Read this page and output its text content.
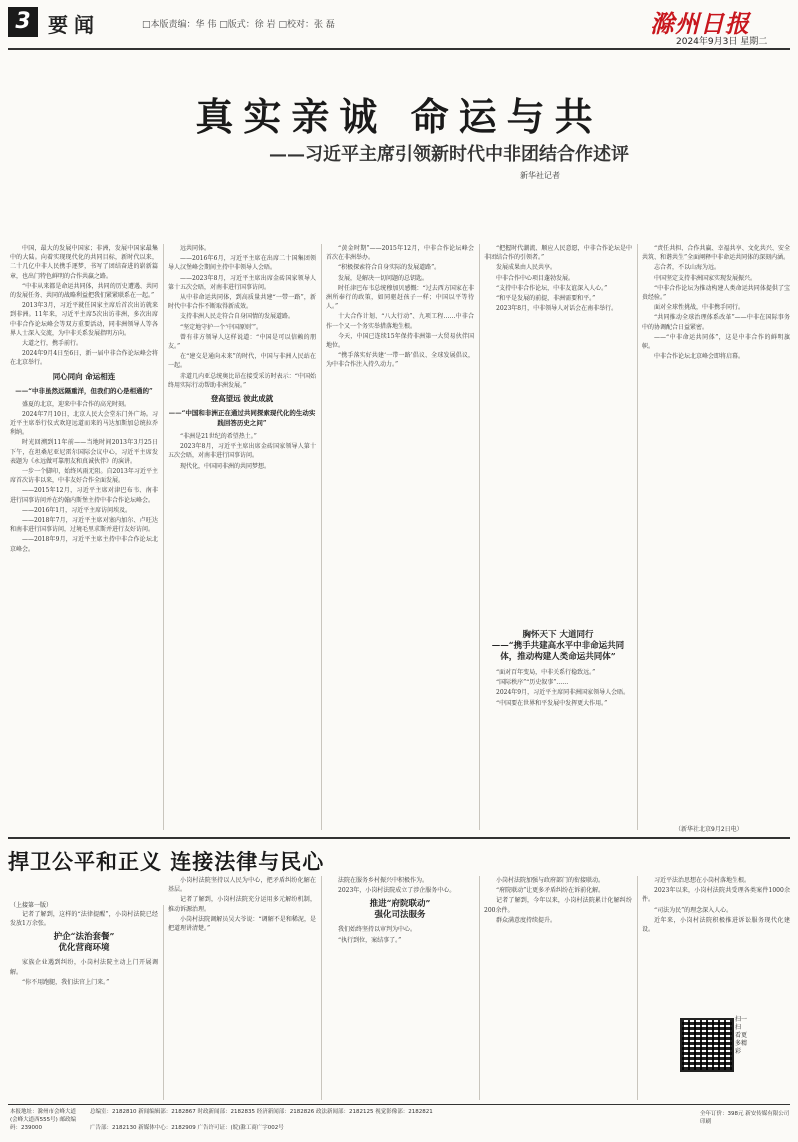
3 要闻	□本版责编：华 伟 □版式：徐 岩 □校对：张 磊	滁州日报
2024年9月3日 星期二
真实亲诚 命运与共
——习近平主席引领新时代中非团结合作述评
新华社记者

中国，最大的发展中国家；非洲，发展中国家最集中的大陆。向着实现现代化的共同目标，新时代以来，二十几亿中非人民携手逐梦，书写了团结奋进的崭新篇章，也出门特色鲜明的合作共赢之路。

“中非从来都是命运共同体，共同的历史遭遇、共同的发展任务、共同的战略利益把我们紧紧联系在一起。”

2013年3月，习近平就任国家主席后首次出访就来到非洲。11年来，习近平主席5次出访非洲，多次出席中非合作论坛峰会等双方重要活动，同非洲领导人等各界人士深入交流，为中非关系发展指明方向。

大道之行，携手前行。

2024年9月4日至6日，新一届中非合作论坛峰会将在北京举行。

同心同向 命运相连
——“中非虽然远隔重洋，但我们的心是相通的”

盛夏的北京，迎来中非合作的高光时刻。

2024年7月10日，北京人民大会堂东门外广场。习近平主席举行仪式欢迎远道而来的马达加斯加总统拉乔利纳。

时光回溯到11年前——当地时间2013年3月25日下午，在坦桑尼亚尼雷尔国际会议中心，习近平主席发表题为《永远做可靠朋友和真诚伙伴》的演讲。

一步一个脚印，始终风雨无阻。自2013年习近平主席首次访非以来，中非友好合作全面发展。

——2015年12月，习近平主席对津巴布韦、南非进行国事访问并在约翰内斯堡主持中非合作论坛峰会。

——2016年1月，习近平主席访问埃及。

——2018年7月，习近平主席对塞内加尔、卢旺达和南非进行国事访问，过境毛里求斯并进行友好访问。

——2018年9月，习近平主席主持中非合作论坛北京峰会。

远共同体。

——2016年6月，习近平主席在出席二十国集团领导人汉堡峰会期间主持中非领导人会晤。

——2023年8月，习近平主席出席金砖国家领导人第十五次会晤，对南非进行国事访问。

从中非命运共同体，到高质量共建“一带一路”，新时代中非合作不断取得新成效。

支持非洲人民走符合自身国情的发展道路。

“坚定地守护一个‘中国原则’”。

曾有非方领导人这样说道：“中国是可以信赖的朋友。”

在“建交是通向未来”的时代，中国与非洲人民站在一起。

赤道几内亚总统奥比昂在接受采访时表示：“中国始终用实际行动帮助非洲发展。”

登高望远 彼此成就
——“中国和非洲正在通过共同探索现代化的生动实践回答历史之问”

“非洲是21世纪的希望热土。”

2023年8月，习近平主席出席金砖国家领导人第十五次会晤，对南非进行国事访问。

现代化，中国同非洲的共同梦想。

“黄金时期”——2015年12月，中非合作论坛峰会首次在非洲举办。

“积极探索符合自身实际的发展道路”。

发展，是解决一切问题的总钥匙。

时任津巴布韦总统穆加贝感慨：“过去西方国家在非洲所奉行的政策，如同驱赶孩子一样；中国以平等待人。”

十大合作计划、“八大行动”、九项工程……中非合作一个又一个务实举措落地生根。

今天，中国已连续15年保持非洲第一大贸易伙伴国地位。

“携手落实好共建‘一带一路’倡议、全球发展倡议，为中非合作注入持久动力。”

“把握时代潮流、顺应人民意愿，中非合作论坛是中非团结合作的引领者。”

发展成果由人民共享。

中非合作中心项目蓬勃发展。

“支持中非合作论坛，中非友谊深入人心。”

“和平是发展的前提，非洲需要和平。”

2023年8月，中非领导人对话会在南非举行。

胸怀天下 大道同行
——“携手共建高水平中非命运共同体，推动构建人类命运共同体”

“面对百年变局，中非关系行稳致远。”

“国际秩序”“历史叙事”……

2024年9月，习近平主席同非洲国家领导人会晤。

“中国要在世界和平发展中发挥更大作用。”

“责任共担、合作共赢、幸福共享、文化共兴、安全共筑、和谐共生”全面阐释中非命运共同体的深刻内涵。

志合者，不以山海为远。

中国坚定支持非洲国家实现发展振兴。

“中非合作论坛为推动构建人类命运共同体提供了宝贵经验。”

面对全球性挑战，中非携手同行。

“共同推动全球治理体系改革”——中非在国际事务中的协调配合日益紧密。

——“中非命运共同体”，这是中非合作的鲜明旗帜。

中非合作论坛北京峰会即将启幕。

（新华社北京9月2日电）
捍卫公平和正义 连接法律与民心
（上接第一版）

记者了解到，这样的“法律提醒”，小岗村法院已经发放1万余张。

护企“法治套餐”
优化营商环境

家族企业遇到纠纷，小岗村法院主动上门开展调解。

“你不用跑腿，我们法官上门来。”

小岗村法院坚持以人民为中心，把矛盾纠纷化解在基层。

记者了解到，小岗村法院充分运用多元解纷机制，推动诉源治理。

小岗村法院调解员吴大爷说：“调解不是和稀泥，是把道理讲清楚。”

法院在服务乡村振兴中积极作为。

2023年，小岗村法院成立了涉企服务中心。

推进“府院联动”
强化司法服务

我们始终坚持以审判为中心。

“执行到位，案结事了。”

小岗村法院加强与政府部门的衔接联动。

“府院联动”让更多矛盾纠纷在诉前化解。

记者了解到，今年以来，小岗村法院累计化解纠纷200余件。

群众满意度持续提升。

习近平法治思想在小岗村落地生根。

2023年以来，小岗村法院共受理各类案件1000余件。

“司法为民”的理念深入人心。

近年来，小岗村法院积极推进诉讼服务现代化建设。

扫一扫 看更多精彩
本报地址：滁州市会峰大道(会峰大道西555号) 邮政编码：239000
总编室：2182810 新闻编辑部：2182867 时政新闻部：2182835 经济新闻部：2182826 政法新闻部：2182125 视觉影像部：2182821
广告部：2182130 新媒体中心：2182909 广告许可证：(皖)滁工商广字002号
全年订价：398元 新安传媒有限公司印刷
